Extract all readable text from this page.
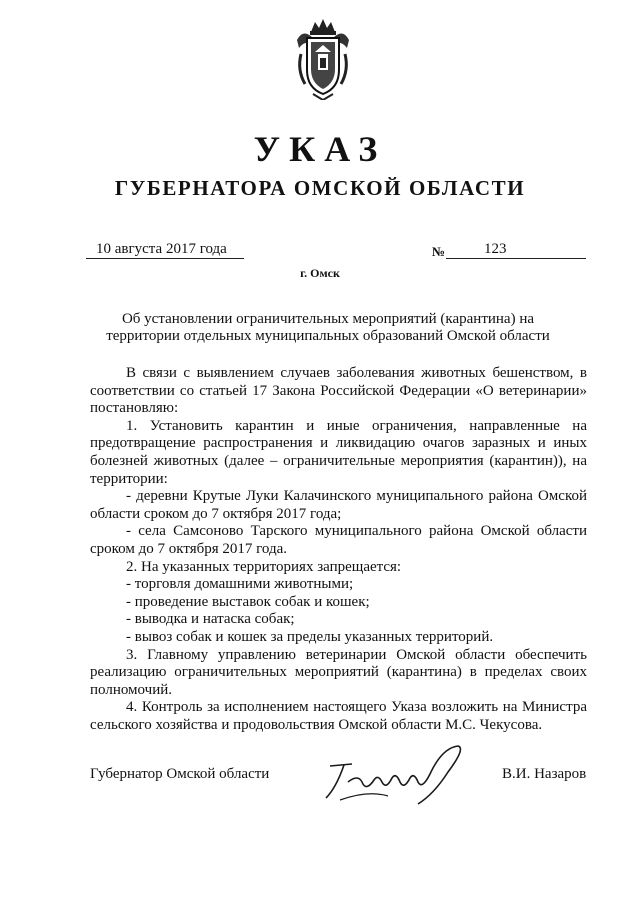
УКАЗ
ГУБЕРНАТОРА ОМСКОЙ ОБЛАСТИ
10 августа 2017 года	№	123
г. Омск
Об установлении ограничительных мероприятий (карантина) на территории отдельных муниципальных образований Омской области

В связи с выявлением случаев заболевания животных бешенством, в соответствии со статьей 17 Закона Российской Федерации «О ветеринарии» постановляю:

1. Установить карантин и иные ограничения, направленные на предотвращение распространения и ликвидацию очагов заразных и иных болезней животных (далее – ограничительные мероприятия (карантин)), на территории:

- деревни Крутые Луки Калачинского муниципального района Омской области сроком до 7 октября 2017 года;

- села Самсоново Тарского муниципального района Омской области сроком до 7 октября 2017 года.

2. На указанных территориях запрещается:

- торговля домашними животными;

- проведение выставок собак и кошек;

- выводка и натаска собак;

- вывоз собак и кошек за пределы указанных территорий.

3. Главному управлению ветеринарии Омской области обеспечить реализацию ограничительных мероприятий (карантина) в пределах своих полномочий.

4. Контроль за исполнением настоящего Указа возложить на Министра сельского хозяйства и продовольствия Омской области М.С. Чекусова.

Губернатор Омской области	В.И. Назаров
